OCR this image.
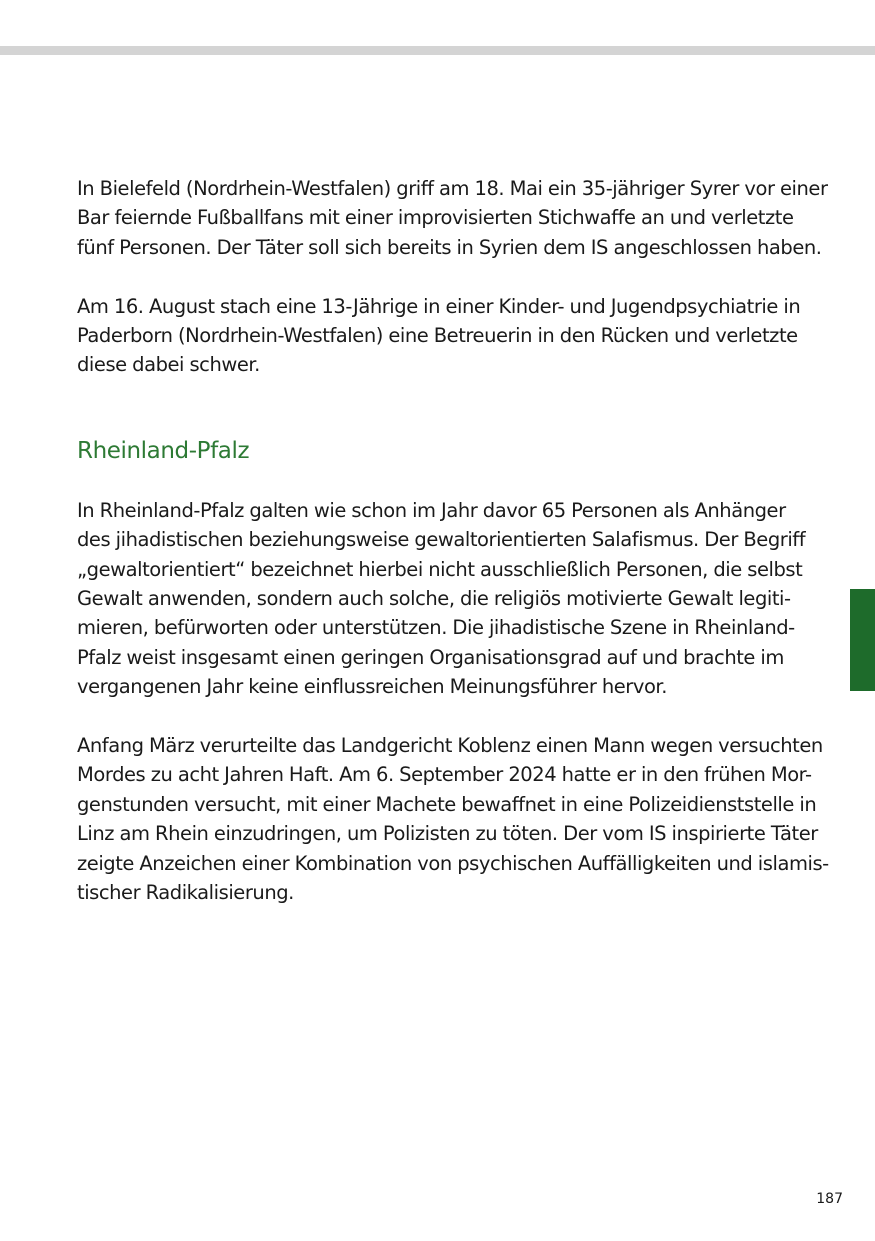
In Bielefeld (Nordrhein-Westfalen) griff am 18. Mai ein 35-jähriger Syrer vor einer
Bar feiernde Fußballfans mit einer improvisierten Stichwaffe an und verletzte
fünf Personen. Der Täter soll sich bereits in Syrien dem IS angeschlossen haben.

Am 16. August stach eine 13-Jährige in einer Kinder- und Jugendpsychiatrie in
Paderborn (Nordrhein-Westfalen) eine Betreuerin in den Rücken und verletzte
diese dabei schwer.

Rheinland-Pfalz

In Rheinland-Pfalz galten wie schon im Jahr davor 65 Personen als Anhänger
des jihadistischen beziehungsweise gewaltorientierten Salafismus. Der Begriff
„gewaltorientiert“ bezeichnet hierbei nicht ausschließlich Personen, die selbst
Gewalt anwenden, sondern auch solche, die religiös motivierte Gewalt legiti-
mieren, befürworten oder unterstützen. Die jihadistische Szene in Rheinland-
Pfalz weist insgesamt einen geringen Organisationsgrad auf und brachte im
vergangenen Jahr keine einflussreichen Meinungsführer hervor.

Anfang März verurteilte das Landgericht Koblenz einen Mann wegen versuchten
Mordes zu acht Jahren Haft. Am 6. September 2024 hatte er in den frühen Mor-
genstunden versucht, mit einer Machete bewaffnet in eine Polizeidienststelle in
Linz am Rhein einzudringen, um Polizisten zu töten. Der vom IS inspirierte Täter
zeigte Anzeichen einer Kombination von psychischen Auffälligkeiten und islamis-
tischer Radikalisierung.

187
